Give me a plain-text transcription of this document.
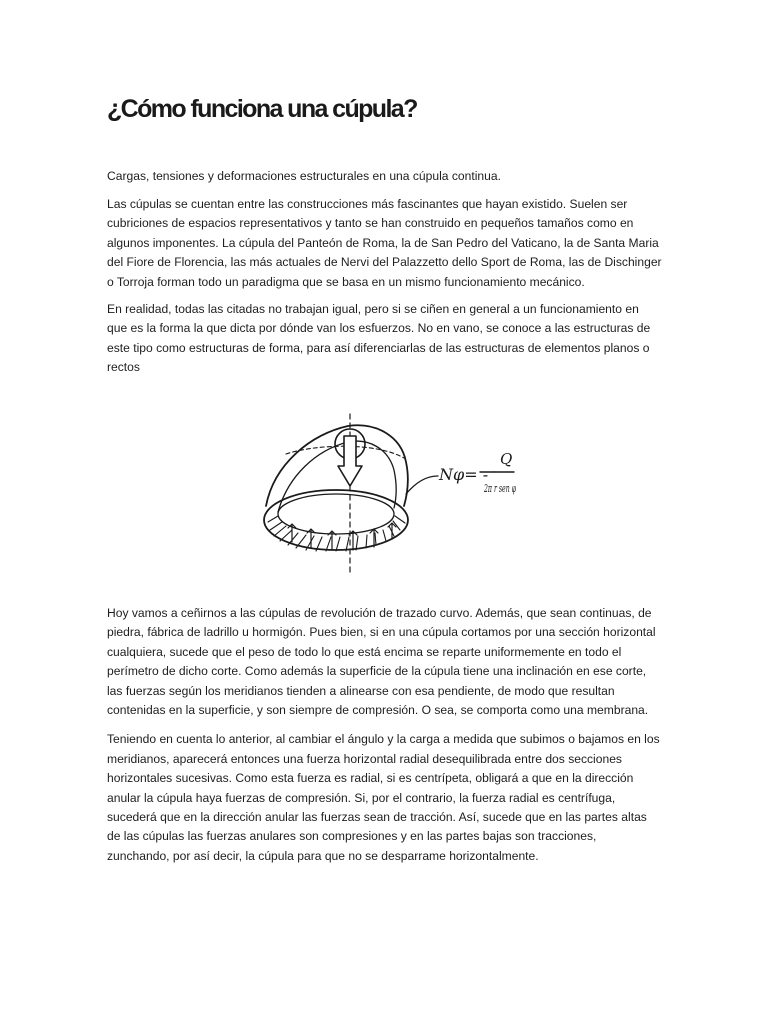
¿Cómo funciona una cúpula?

Cargas, tensiones y deformaciones estructurales en una cúpula continua.

Las cúpulas se cuentan entre las construcciones más fascinantes que hayan existido. Suelen ser cubriciones de espacios representativos y tanto se han construido en pequeños tamaños como en algunos imponentes. La cúpula del Panteón de Roma, la de San Pedro del Vaticano, la de Santa Maria del Fiore de Florencia, las más actuales de Nervi del Palazzetto dello Sport de Roma, las de Dischinger o Torroja forman todo un paradigma que se basa en un mismo funcionamiento mecánico.

En realidad, todas las citadas no trabajan igual, pero si se ciñen en general a un funcionamiento en que es la forma la que dicta por dónde van los esfuerzos. No en vano, se conoce a las estructuras de este tipo como estructuras de forma, para así diferenciarlas de las estructuras de elementos planos o rectos

Nφ= -
Q
2π r sen φ

Hoy vamos a ceñirnos a las cúpulas de revolución de trazado curvo. Además, que sean continuas, de piedra, fábrica de ladrillo u hormigón. Pues bien, si en una cúpula cortamos por una sección horizontal cualquiera, sucede que el peso de todo lo que está encima se reparte uniformemente en todo el perímetro de dicho corte. Como además la superficie de la cúpula tiene una inclinación en ese corte, las fuerzas según los meridianos tienden a alinearse con esa pendiente, de modo que resultan contenidas en la superficie, y son siempre de compresión. O sea, se comporta como una membrana.

Teniendo en cuenta lo anterior, al cambiar el ángulo y la carga a medida que subimos o bajamos en los meridianos, aparecerá entonces una fuerza horizontal radial desequilibrada entre dos secciones horizontales sucesivas. Como esta fuerza es radial, si es centrípeta, obligará a que en la dirección anular la cúpula haya fuerzas de compresión. Si, por el contrario, la fuerza radial es centrífuga, sucederá que en la dirección anular las fuerzas sean de tracción. Así, sucede que en las partes altas de las cúpulas las fuerzas anulares son compresiones y en las partes bajas son tracciones, zunchando, por así decir, la cúpula para que no se desparrame horizontalmente.
